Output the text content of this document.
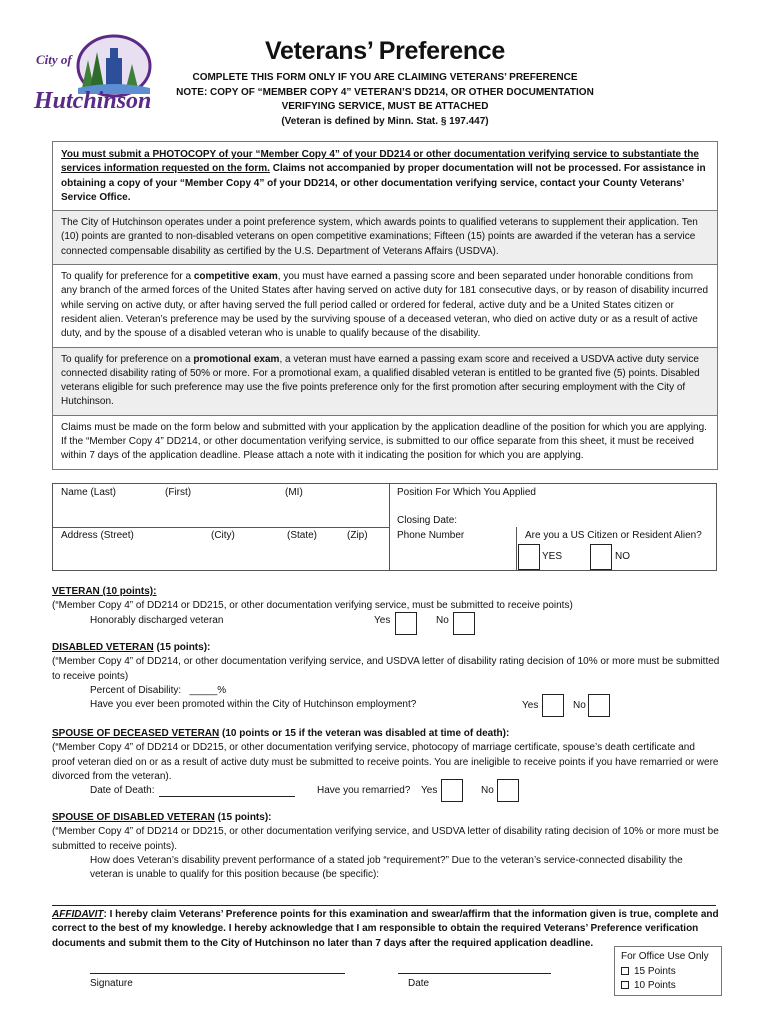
City of
Hutchinson
Veterans’ Preference
COMPLETE THIS FORM ONLY IF YOU ARE CLAIMING VETERANS’ PREFERENCE
NOTE: COPY OF “MEMBER COPY 4” VETERAN’S DD214, OR OTHER DOCUMENTATION
VERIFYING SERVICE, MUST BE ATTACHED
(Veteran is defined by Minn. Stat. § 197.447)
You must submit a PHOTOCOPY of your “Member Copy 4” of your DD214 or other documentation verifying service to substantiate the services information requested on the form. Claims not accompanied by proper documentation will not be processed. For assistance in obtaining a copy of your “Member Copy 4” of your DD214, or other documentation verifying service, contact your County Veterans’ Service Office.
The City of Hutchinson operates under a point preference system, which awards points to qualified veterans to supplement their application. Ten (10) points are granted to non-disabled veterans on open competitive examinations; Fifteen (15) points are awarded if the veteran has a service connected compensable disability as certified by the U.S. Department of Veterans Affairs (USDVA).
To qualify for preference for a competitive exam, you must have earned a passing score and been separated under honorable conditions from any branch of the armed forces of the United States after having served on active duty for 181 consecutive days, or by reason of disability incurred while serving on active duty, or after having served the full period called or ordered for federal, active duty and be a United States citizen or resident alien. Veteran’s preference may be used by the surviving spouse of a deceased veteran, who died on active duty or as a result of active duty, and by the spouse of a disabled veteran who is unable to qualify because of the disability.
To qualify for preference on a promotional exam, a veteran must have earned a passing exam score and received a USDVA active duty service connected disability rating of 50% or more. For a promotional exam, a qualified disabled veteran is entitled to be granted five (5) points. Disabled veterans eligible for such preference may use the five points preference only for the first promotion after securing employment with the City of Hutchinson.
Claims must be made on the form below and submitted with your application by the application deadline of the position for which you are applying. If the “Member Copy 4” DD214, or other documentation verifying service, is submitted to our office separate from this sheet, it must be received within 7 days of the application deadline. Please attach a note with it indicating the position for which you are applying.
Name (Last)	(First)	(MI)	Position For Which You Applied
Closing Date:
Address (Street)	(City)	(State)	(Zip)	Phone Number	Are you a US Citizen or Resident Alien?
YES	NO
VETERAN (10 points):
(“Member Copy 4” of DD214 or DD215, or other documentation verifying service, must be submitted to receive points)
Honorably discharged veteran	Yes	No
DISABLED VETERAN (15 points):
(“Member Copy 4” of DD214, or other documentation verifying service, and USDVA letter of disability rating decision of 10% or more must be submitted to receive points)
Percent of Disability: _____%
Have you ever been promoted within the City of Hutchinson employment?	Yes	No
SPOUSE OF DECEASED VETERAN (10 points or 15 if the veteran was disabled at time of death):
(“Member Copy 4” of DD214 or DD215, or other documentation verifying service, photocopy of marriage certificate, spouse’s death certificate and proof veteran died on or as a result of active duty must be submitted to receive points. You are ineligible to receive points if you have remarried or were divorced from the veteran).
Date of Death:	Have you remarried? Yes	No
SPOUSE OF DISABLED VETERAN (15 points):
(“Member Copy 4” of DD214 or DD215, or other documentation verifying service, and USDVA letter of disability rating decision of 10% or more must be submitted to receive points).
How does Veteran’s disability prevent performance of a stated job “requirement?” Due to the veteran’s service-connected disability the veteran is unable to qualify for this position because (be specific):
AFFIDAVIT: I hereby claim Veterans’ Preference points for this examination and swear/affirm that the information given is true, complete and correct to the best of my knowledge. I hereby acknowledge that I am responsible to obtain the required Veterans’ Preference verification documents and submit them to the City of Hutchinson no later than 7 days after the required application deadline.
Signature	Date
For Office Use Only
15 Points
10 Points
